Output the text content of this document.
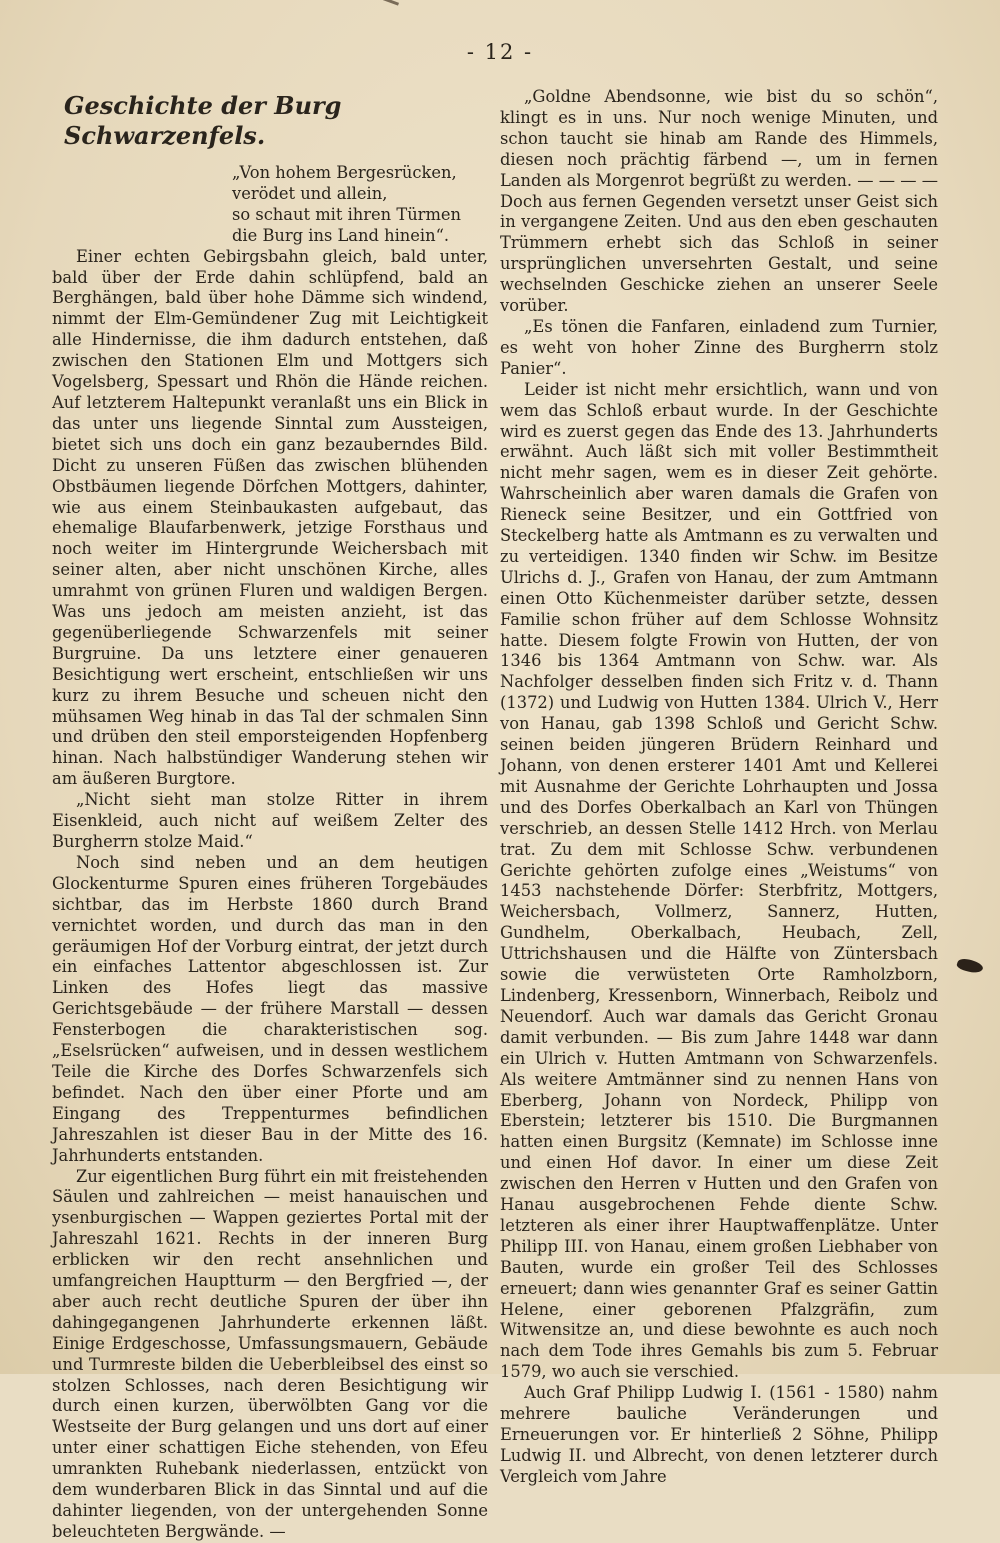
- 12 -
Geschichte der Burg Schwarzenfels.
„Von hohem Bergesrücken,
verödet und allein,
so schaut mit ihren Türmen
die Burg ins Land hinein“.

Einer echten Gebirgsbahn gleich, bald unter, bald über der Erde dahin schlüpfend, bald an Berghängen, bald über hohe Dämme sich windend, nimmt der Elm-Gemündener Zug mit Leichtigkeit alle Hindernisse, die ihm dadurch entstehen, daß zwischen den Stationen Elm und Mottgers sich Vogelsberg, Spessart und Rhön die Hände reichen. Auf letzterem Haltepunkt veranlaßt uns ein Blick in das unter uns liegende Sinntal zum Aussteigen, bietet sich uns doch ein ganz bezauberndes Bild. Dicht zu unseren Füßen das zwischen blühenden Obstbäumen liegende Dörfchen Mottgers, dahinter, wie aus einem Steinbaukasten aufgebaut, das ehemalige Blaufarbenwerk, jetzige Forsthaus und noch weiter im Hintergrunde Weichersbach mit seiner alten, aber nicht unschönen Kirche, alles umrahmt von grünen Fluren und waldigen Bergen. Was uns jedoch am meisten anzieht, ist das gegenüberliegende Schwarzenfels mit seiner Burgruine. Da uns letztere einer genaueren Besichtigung wert erscheint, entschließen wir uns kurz zu ihrem Besuche und scheuen nicht den mühsamen Weg hinab in das Tal der schmalen Sinn und drüben den steil emporsteigenden Hopfenberg hinan. Nach halbstündiger Wanderung stehen wir am äußeren Burgtore.

„Nicht sieht man stolze Ritter in ihrem Eisenkleid, auch nicht auf weißem Zelter des Burgherrn stolze Maid.“

Noch sind neben und an dem heutigen Glockenturme Spuren eines früheren Torgebäudes sichtbar, das im Herbste 1860 durch Brand vernichtet worden, und durch das man in den geräumigen Hof der Vorburg eintrat, der jetzt durch ein einfaches Lattentor abgeschlossen ist. Zur Linken des Hofes liegt das massive Gerichtsgebäude — der frühere Marstall — dessen Fensterbogen die charakteristischen sog. „Eselsrücken“ aufweisen, und in dessen westlichem Teile die Kirche des Dorfes Schwarzenfels sich befindet. Nach den über einer Pforte und am Eingang des Treppenturmes befindlichen Jahreszahlen ist dieser Bau in der Mitte des 16. Jahrhunderts entstanden.

Zur eigentlichen Burg führt ein mit freistehenden Säulen und zahlreichen — meist hanauischen und ysenburgischen — Wappen geziertes Portal mit der Jahreszahl 1621. Rechts in der inneren Burg erblicken wir den recht ansehnlichen und umfangreichen Hauptturm — den Bergfried —, der aber auch recht deutliche Spuren der über ihn dahingegangenen Jahrhunderte erkennen läßt. Einige Erdgeschosse, Umfassungsmauern, Gebäude und Turmreste bilden die Ueberbleibsel des einst so stolzen Schlosses, nach deren Besichtigung wir durch einen kurzen, überwölbten Gang vor die Westseite der Burg gelangen und uns dort auf einer unter einer schattigen Eiche stehenden, von Efeu umrankten Ruhebank niederlassen, entzückt von dem wunderbaren Blick in das Sinntal und auf die dahinter liegenden, von der untergehenden Sonne beleuchteten Bergwände. —

„Goldne Abendsonne, wie bist du so schön“, klingt es in uns. Nur noch wenige Minuten, und schon taucht sie hinab am Rande des Himmels, diesen noch prächtig färbend —, um in fernen Landen als Morgenrot begrüßt zu werden. — — — — Doch aus fernen Gegenden versetzt unser Geist sich in vergangene Zeiten. Und aus den eben geschauten Trümmern erhebt sich das Schloß in seiner ursprünglichen unversehrten Gestalt, und seine wechselnden Geschicke ziehen an unserer Seele vorüber.

„Es tönen die Fanfaren, einladend zum Turnier, es weht von hoher Zinne des Burgherrn stolz Panier“.

Leider ist nicht mehr ersichtlich, wann und von wem das Schloß erbaut wurde. In der Geschichte wird es zuerst gegen das Ende des 13. Jahrhunderts erwähnt. Auch läßt sich mit voller Bestimmtheit nicht mehr sagen, wem es in dieser Zeit gehörte. Wahrscheinlich aber waren damals die Grafen von Rieneck seine Besitzer, und ein Gottfried von Steckelberg hatte als Amtmann es zu verwalten und zu verteidigen. 1340 finden wir Schw. im Besitze Ulrichs d. J., Grafen von Hanau, der zum Amtmann einen Otto Küchenmeister darüber setzte, dessen Familie schon früher auf dem Schlosse Wohnsitz hatte. Diesem folgte Frowin von Hutten, der von 1346 bis 1364 Amtmann von Schw. war. Als Nachfolger desselben finden sich Fritz v. d. Thann (1372) und Ludwig von Hutten 1384. Ulrich V., Herr von Hanau, gab 1398 Schloß und Gericht Schw. seinen beiden jüngeren Brüdern Reinhard und Johann, von denen ersterer 1401 Amt und Kellerei mit Ausnahme der Gerichte Lohrhaupten und Jossa und des Dorfes Oberkalbach an Karl von Thüngen verschrieb, an dessen Stelle 1412 Hrch. von Merlau trat. Zu dem mit Schlosse Schw. verbundenen Gerichte gehörten zufolge eines „Weistums“ von 1453 nachstehende Dörfer: Sterbfritz, Mottgers, Weichersbach, Vollmerz, Sannerz, Hutten, Gundhelm, Oberkalbach, Heubach, Zell, Uttrichshausen und die Hälfte von Züntersbach sowie die verwüsteten Orte Ramholzborn, Lindenberg, Kressenborn, Winnerbach, Reibolz und Neuendorf. Auch war damals das Gericht Gronau damit verbunden. — Bis zum Jahre 1448 war dann ein Ulrich v. Hutten Amtmann von Schwarzenfels. Als weitere Amtmänner sind zu nennen Hans von Eberberg, Johann von Nordeck, Philipp von Eberstein; letzterer bis 1510. Die Burgmannen hatten einen Burgsitz (Kemnate) im Schlosse inne und einen Hof davor. In einer um diese Zeit zwischen den Herren v Hutten und den Grafen von Hanau ausgebrochenen Fehde diente Schw. letzteren als einer ihrer Hauptwaffenplätze. Unter Philipp III. von Hanau, einem großen Liebhaber von Bauten, wurde ein großer Teil des Schlosses erneuert; dann wies genannter Graf es seiner Gattin Helene, einer geborenen Pfalzgräfin, zum Witwensitze an, und diese bewohnte es auch noch nach dem Tode ihres Gemahls bis zum 5. Februar 1579, wo auch sie verschied.

Auch Graf Philipp Ludwig I. (1561 - 1580) nahm mehrere bauliche Veränderungen und Erneuerungen vor. Er hinterließ 2 Söhne, Philipp Ludwig II. und Albrecht, von denen letzterer durch Vergleich vom Jahre
